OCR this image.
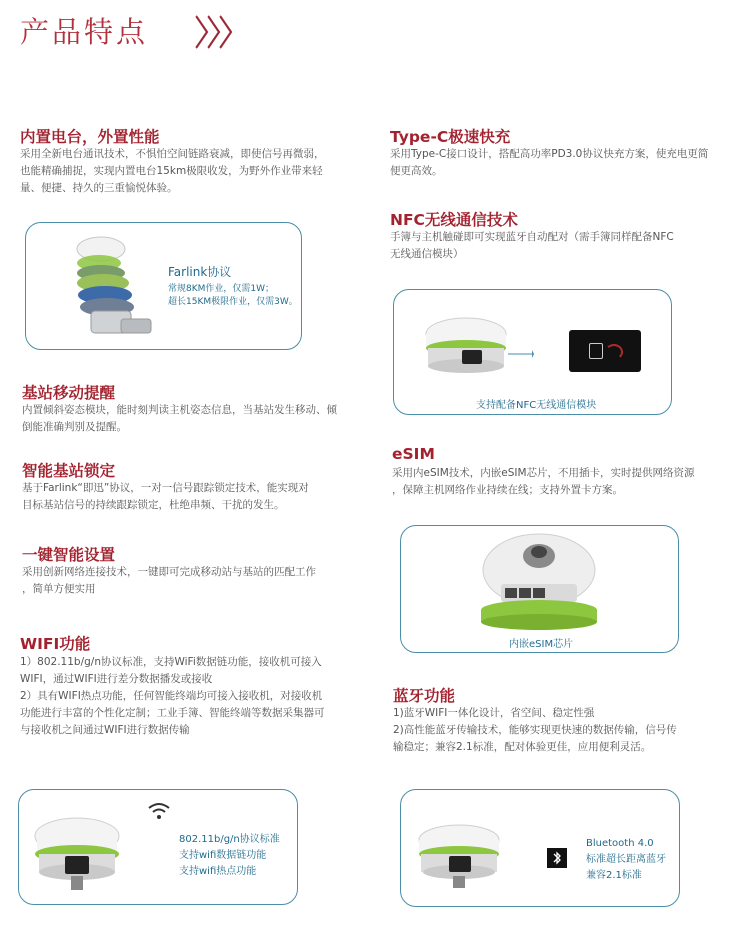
产品特点 〉〉〉
内置电台，外置性能
采用全新电台通讯技术，不惧怕空间链路衰减，即使信号再微弱，
也能精确捕捉，实现内置电台15km极限收发，为野外作业带来轻
量、便捷、持久的三重愉悦体验。
Farlink协议
常规8KM作业，仅需1W；
超长15KM极限作业，仅需3W。
基站移动提醒
内置倾斜姿态模块，能时刻判读主机姿态信息，当基站发生移动、倾
倒能准确判别及提醒。
智能基站锁定
基于Farlink“即迅”协议，一对一信号跟踪锁定技术，能实现对
目标基站信号的持续跟踪锁定，杜绝串频、干扰的发生。
一键智能设置
采用创新网络连接技术，一键即可完成移动站与基站的匹配工作
，简单方便实用
WIFI功能
1）802.11b/g/n协议标准，支持WiFi数据链功能，接收机可接入
WIFI，通过WIFI进行差分数据播发或接收
2）具有WIFI热点功能，任何智能终端均可接入接收机，对接收机
功能进行丰富的个性化定制；工业手簿、智能终端等数据采集器可
与接收机之间通过WIFI进行数据传输
802.11b/g/n协议标准
支持wifi数据链功能
支持wifi热点功能
Type-C极速快充
采用Type-C接口设计，搭配高功率PD3.0协议快充方案，使充电更简
便更高效。
NFC无线通信技术
手簿与主机触碰即可实现蓝牙自动配对（需手簿同样配备NFC
无线通信模块）
支持配备NFC无线通信模块
eSIM
采用内eSIM技术，内嵌eSIM芯片，不用插卡，实时提供网络资源
，保障主机网络作业持续在线；支持外置卡方案。
内嵌eSIM芯片
蓝牙功能
1)蓝牙WIFI一体化设计，省空间、稳定性强
2)高性能蓝牙传输技术，能够实现更快速的数据传输，信号传
输稳定；兼容2.1标准，配对体验更佳，应用便利灵活。
Bluetooth 4.0
标准超长距离蓝牙
兼容2.1标准
